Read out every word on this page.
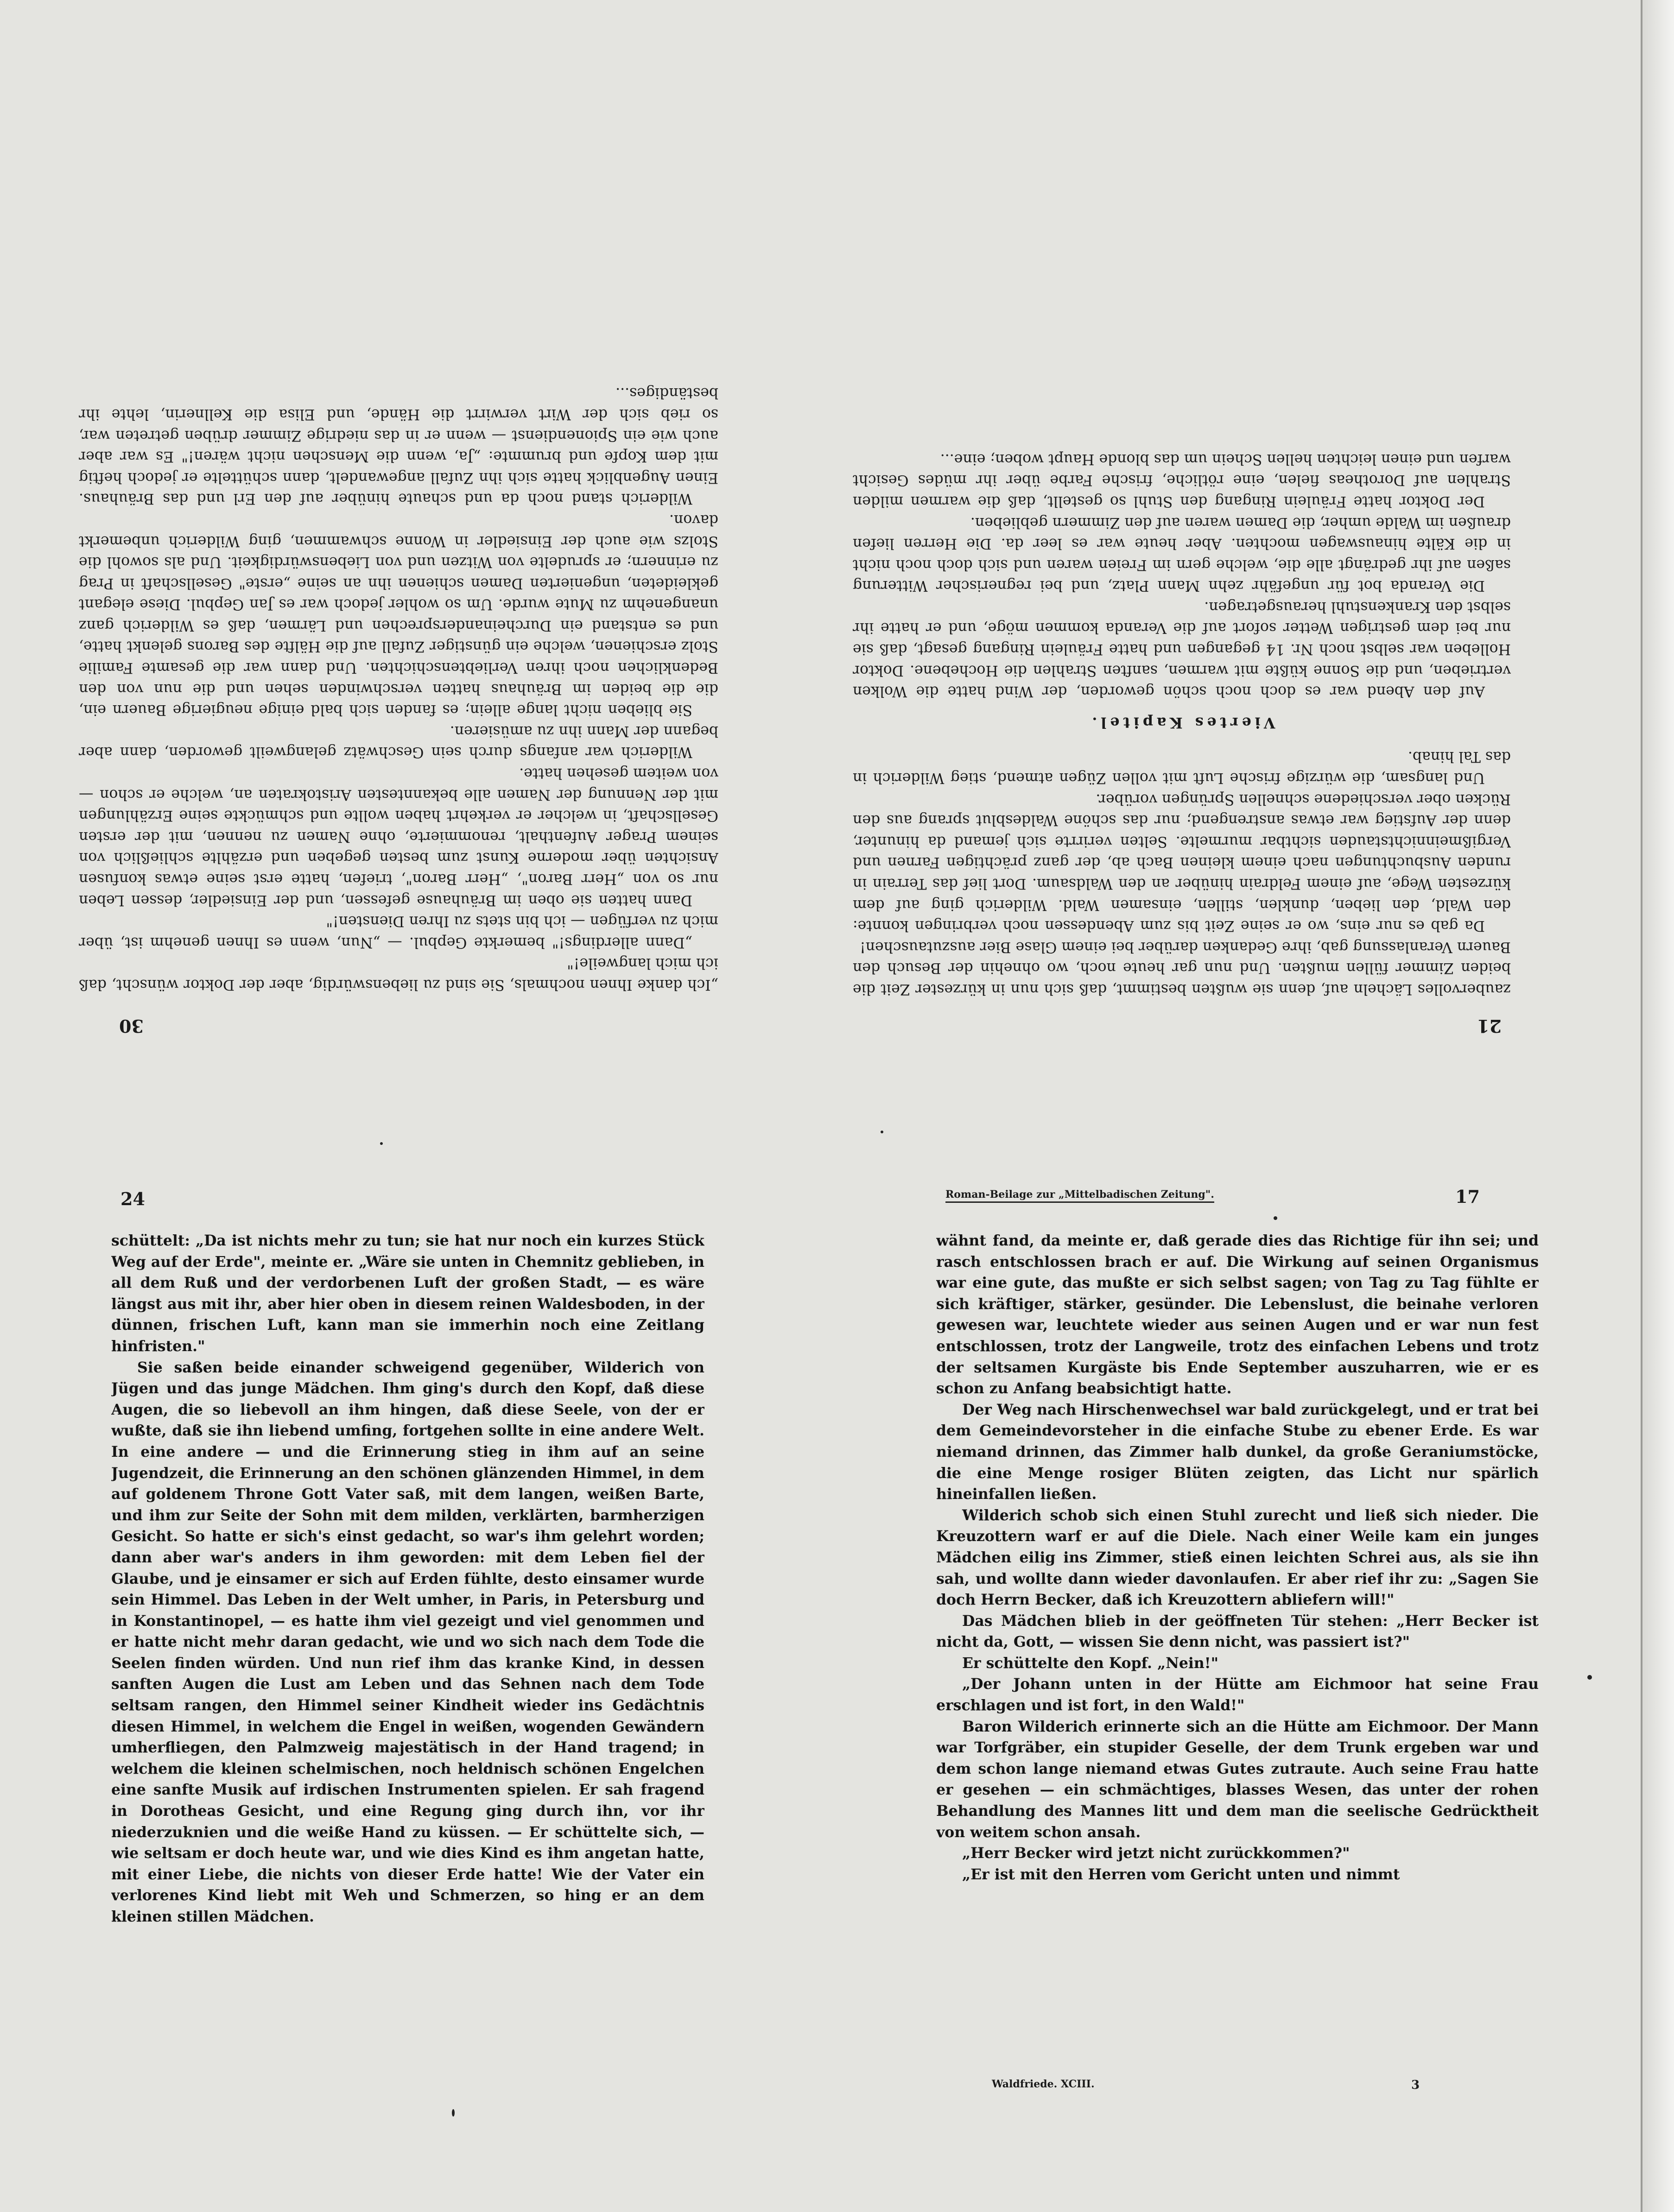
30

„Ich danke Ihnen nochmals, Sie sind zu liebenswürdig, aber der Doktor wünscht, daß ich mich langweile!"

„Dann allerdings!" bemerkte Gepbul. — „Nun, wenn es Ihnen genehm ist, über mich zu verfügen — ich bin stets zu Ihren Diensten!"

Dann hatten sie oben im Bräuhause gefessen, und der Einsiedler, dessen Leben nur so von „Herr Baron", „Herr Baron", triefen, hatte erst seine etwas konfusen Ansichten über moderne Kunst zum besten gegeben und erzählte schließlich von seinem Prager Aufenthalt, renommierte, ohne Namen zu nennen, mit der ersten Gesellschaft, in welcher er verkehrt haben wollte und schmückte seine Erzählungen mit der Nennung der Namen alle bekanntesten Aristokraten an, welche er schon — von weitem gesehen hatte.

Wilderich war anfangs durch sein Geschwätz gelangweilt geworden, dann aber begann der Mann ihn zu amüsieren.

Sie blieben nicht lange allein; es fanden sich bald einige neugierige Bauern ein, die die beiden im Bräuhaus hatten verschwinden sehen und die nun von den Bedenklichen noch ihren Verliebtenschichten. Und dann war die gesamte Familie Stolz erschienen, welche ein günstiger Zufall auf die Hälfte des Barons gelenkt hatte, und es entstand ein Durcheinandersprechen und Lärmen, daß es Wilderich ganz unangenehm zu Mute wurde. Um so wohler jedoch war es Jan Gepbul. Diese elegant gekleideten, ungenierten Damen schienen ihn an seine „erste" Gesellschaft in Prag zu erinnern; er sprudelte von Witzen und von Liebenswürdigkeit. Und als sowohl die Stolzs wie auch der Einsiedler in Wonne schwammen, ging Wilderich unbemerkt davon.

Wilderich stand noch da und schaute hinüber auf den Erl und das Bräuhaus. Einen Augenblick hatte sich ihn Zufall angewandelt, dann schüttelte er jedoch heftig mit dem Kopfe und brummte: „Ja, wenn die Menschen nicht wären!" Es war aber auch wie ein Spionendienst — wenn er in das niedrige Zimmer drüben getreten war, so rieb sich der Wirt verwirrt die Hände, und Elisa die Kellnerin, lehte ihr beständiges...

21

zaubervolles Lächeln auf, denn sie wußten bestimmt, daß sich nun in kürzester Zeit die beiden Zimmer füllen mußten. Und nun gar heute noch, wo ohnehin der Besuch den Bauern Veranlassung gab, ihre Gedanken darüber bei einem Glase Bier auszutauschen!

Da gab es nur eins, wo er seine Zeit bis zum Abendessen noch verbringen konnte: den Wald, den lieben, dunklen, stillen, einsamen Wald. Wilderich ging auf dem kürzesten Wege, auf einem Feldrain hinüber an den Waldsaum. Dort lief das Terrain in runden Ausbuchtungen nach einem kleinen Bach ab, der ganz prächtigen Farnen und Vergißmeinnichtstauden sichtbar murmelte. Selten verirrte sich jemand da hinunter, denn der Aufstieg war etwas anstrengend; nur das schöne Waldesblut sprang aus den Rücken ober verschiedene schnellen Sprüngen vorüber.

Und langsam, die würzige frische Luft mit vollen Zügen atmend, stieg Wilderich in das Tal hinab.

Viertes Kapitel.

Auf den Abend war es doch noch schön geworden, der Wind hatte die Wolken vertrieben, und die Sonne küßte mit warmen, sanften Strahlen die Hochebene. Doktor Holleben war selbst noch Nr. 14 gegangen und hatte Fräulein Ringang gesagt, daß sie nur bei dem gestrigen Wetter sofort auf die Veranda kommen möge, und er hatte ihr selbst den Krankenstuhl herausgetragen.

Die Veranda bot für ungefähr zehn Mann Platz, und bei regnerischer Witterung saßen auf ihr gedrängt alle die, welche gern im Freien waren und sich doch noch nicht in die Kälte hinauswagen mochten. Aber heute war es leer da. Die Herren liefen draußen im Walde umher, die Damen waren auf den Zimmern geblieben.

Der Doktor hatte Fräulein Ringang den Stuhl so gestellt, daß die warmen milden Strahlen auf Dorotheas fielen, eine rötliche, frische Farbe über ihr müdes Gesicht warfen und einen leichten hellen Schein um das blonde Haupt woben; eine...

24

schüttelt: „Da ist nichts mehr zu tun; sie hat nur noch ein kurzes Stück Weg auf der Erde", meinte er. „Wäre sie unten in Chemnitz geblieben, in all dem Ruß und der verdorbenen Luft der großen Stadt, — es wäre längst aus mit ihr, aber hier oben in diesem reinen Waldesboden, in der dünnen, frischen Luft, kann man sie immerhin noch eine Zeitlang hinfristen."

Sie saßen beide einander schweigend gegenüber, Wilderich von Jügen und das junge Mädchen. Ihm ging's durch den Kopf, daß diese Augen, die so liebevoll an ihm hingen, daß diese Seele, von der er wußte, daß sie ihn liebend umfing, fortgehen sollte in eine andere Welt. In eine andere — und die Erinnerung stieg in ihm auf an seine Jugendzeit, die Erinnerung an den schönen glänzenden Himmel, in dem auf goldenem Throne Gott Vater saß, mit dem langen, weißen Barte, und ihm zur Seite der Sohn mit dem milden, verklärten, barmherzigen Gesicht. So hatte er sich's einst gedacht, so war's ihm gelehrt worden; dann aber war's anders in ihm geworden: mit dem Leben fiel der Glaube, und je einsamer er sich auf Erden fühlte, desto einsamer wurde sein Himmel. Das Leben in der Welt umher, in Paris, in Petersburg und in Konstantinopel, — es hatte ihm viel gezeigt und viel genommen und er hatte nicht mehr daran gedacht, wie und wo sich nach dem Tode die Seelen finden würden. Und nun rief ihm das kranke Kind, in dessen sanften Augen die Lust am Leben und das Sehnen nach dem Tode seltsam rangen, den Himmel seiner Kindheit wieder ins Gedächtnis diesen Himmel, in welchem die Engel in weißen, wogenden Gewändern umherfliegen, den Palmzweig majestätisch in der Hand tragend; in welchem die kleinen schelmischen, noch heldnisch schönen Engelchen eine sanfte Musik auf irdischen Instrumenten spielen. Er sah fragend in Dorotheas Gesicht, und eine Regung ging durch ihn, vor ihr niederzuknien und die weiße Hand zu küssen. — Er schüttelte sich, — wie seltsam er doch heute war, und wie dies Kind es ihm angetan hatte, mit einer Liebe, die nichts von dieser Erde hatte! Wie der Vater ein verlorenes Kind liebt mit Weh und Schmerzen, so hing er an dem kleinen stillen Mädchen.

Roman-Beilage zur „Mittelbadischen Zeitung".	17

wähnt fand, da meinte er, daß gerade dies das Richtige für ihn sei; und rasch entschlossen brach er auf. Die Wirkung auf seinen Organismus war eine gute, das mußte er sich selbst sagen; von Tag zu Tag fühlte er sich kräftiger, stärker, gesünder. Die Lebenslust, die beinahe verloren gewesen war, leuchtete wieder aus seinen Augen und er war nun fest entschlossen, trotz der Langweile, trotz des einfachen Lebens und trotz der seltsamen Kurgäste bis Ende September auszuharren, wie er es schon zu Anfang beabsichtigt hatte.

Der Weg nach Hirschenwechsel war bald zurückgelegt, und er trat bei dem Gemeindevorsteher in die einfache Stube zu ebener Erde. Es war niemand drinnen, das Zimmer halb dunkel, da große Geraniumstöcke, die eine Menge rosiger Blüten zeigten, das Licht nur spärlich hineinfallen ließen.

Wilderich schob sich einen Stuhl zurecht und ließ sich nieder. Die Kreuzottern warf er auf die Diele. Nach einer Weile kam ein junges Mädchen eilig ins Zimmer, stieß einen leichten Schrei aus, als sie ihn sah, und wollte dann wieder davonlaufen. Er aber rief ihr zu: „Sagen Sie doch Herrn Becker, daß ich Kreuzottern abliefern will!"

Das Mädchen blieb in der geöffneten Tür stehen: „Herr Becker ist nicht da, Gott, — wissen Sie denn nicht, was passiert ist?"

Er schüttelte den Kopf. „Nein!"

„Der Johann unten in der Hütte am Eichmoor hat seine Frau erschlagen und ist fort, in den Wald!"

Baron Wilderich erinnerte sich an die Hütte am Eichmoor. Der Mann war Torfgräber, ein stupider Geselle, der dem Trunk ergeben war und dem schon lange niemand etwas Gutes zutraute. Auch seine Frau hatte er gesehen — ein schmächtiges, blasses Wesen, das unter der rohen Behandlung des Mannes litt und dem man die seelische Gedrücktheit von weitem schon ansah.

„Herr Becker wird jetzt nicht zurückkommen?"

„Er ist mit den Herren vom Gericht unten und nimmt

Waldfriede. XCIII.	3
